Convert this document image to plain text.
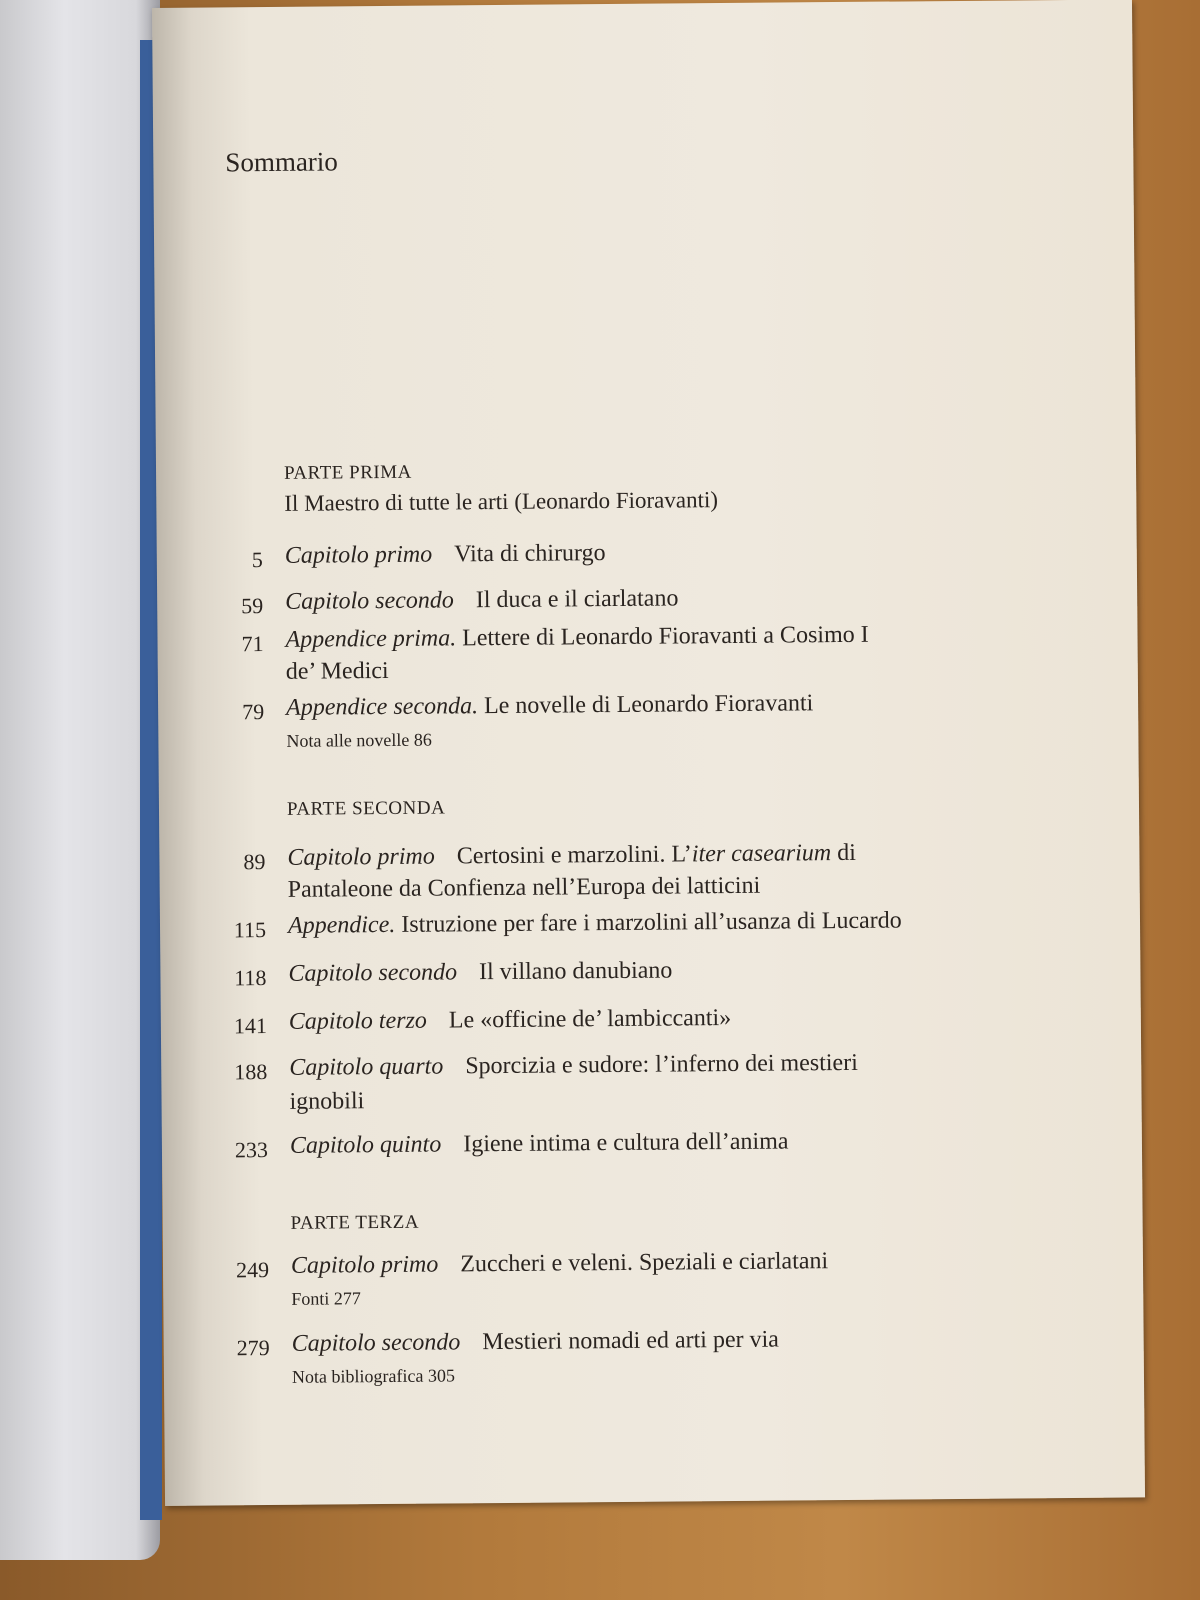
Sommario
PARTE PRIMA
Il Maestro di tutte le arti (Leonardo Fioravanti)
5 Capitolo primo Vita di chirurgo
59 Capitolo secondo Il duca e il ciarlatano
71 Appendice prima. Lettere di Leonardo Fioravanti a Cosimo I
de’ Medici
79 Appendice seconda. Le novelle di Leonardo Fioravanti
Nota alle novelle 86
PARTE SECONDA
89 Capitolo primo Certosini e marzolini. L’iter casearium di
Pantaleone da Confienza nell’Europa dei latticini
115 Appendice. Istruzione per fare i marzolini all’usanza di Lucardo
118 Capitolo secondo Il villano danubiano
141 Capitolo terzo Le «officine de’ lambiccanti»
188 Capitolo quarto Sporcizia e sudore: l’inferno dei mestieri
ignobili
233 Capitolo quinto Igiene intima e cultura dell’anima
PARTE TERZA
249 Capitolo primo Zuccheri e veleni. Speziali e ciarlatani
Fonti 277
279 Capitolo secondo Mestieri nomadi ed arti per via
Nota bibliografica 305
